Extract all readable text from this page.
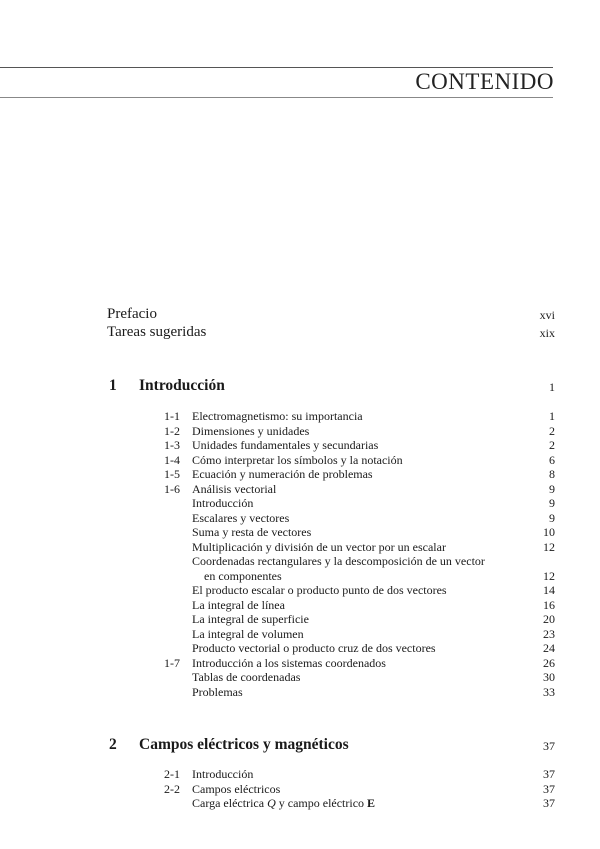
CONTENIDO
Prefacio	xvi
Tareas sugeridas	xix
1 Introducción	1
1-1 Electromagnetismo: su importancia	1
1-2 Dimensiones y unidades	2
1-3 Unidades fundamentales y secundarias	2
1-4 Cómo interpretar los símbolos y la notación	6
1-5 Ecuación y numeración de problemas	8
1-6 Análisis vectorial	9
Introducción	9
Escalares y vectores	9
Suma y resta de vectores	10
Multiplicación y división de un vector por un escalar	12
Coordenadas rectangulares y la descomposición de un vector
en componentes	12
El producto escalar o producto punto de dos vectores	14
La integral de línea	16
La integral de superficie	20
La integral de volumen	23
Producto vectorial o producto cruz de dos vectores	24
1-7 Introducción a los sistemas coordenados	26
Tablas de coordenadas	30
Problemas	33
2 Campos eléctricos y magnéticos	37
2-1 Introducción	37
2-2 Campos eléctricos	37
Carga eléctrica Q y campo eléctrico E	37
